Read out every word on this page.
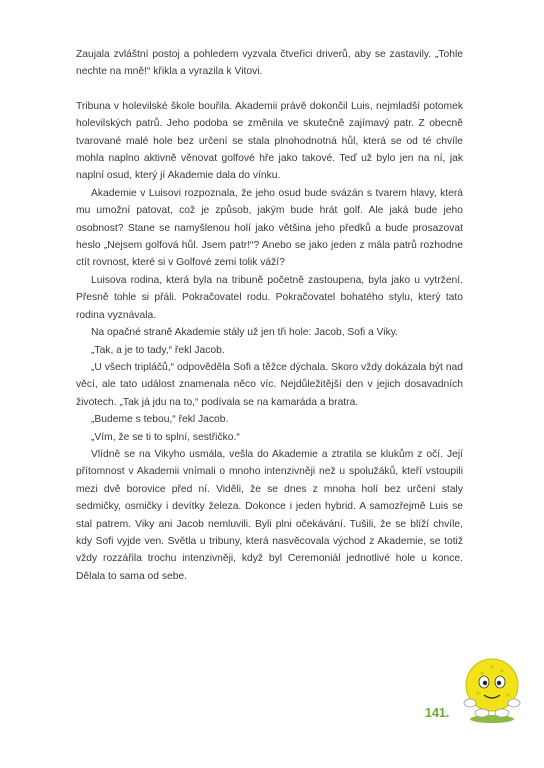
Zaujala zvláštní postoj a pohledem vyzvala čtveřici driverů, aby se zastavily. „Tohle nechte na mně!“ křikla a vyrazila k Vitovi.

Tribuna v holevilské škole bouřila. Akademii právě dokončil Luis, nejmladší potomek holevilských patrů. Jeho podoba se změnila ve skutečně zajímavý patr. Z obecně tvarované malé hole bez určení se stala plnohodnotná hůl, která se od té chvíle mohla naplno aktivně věnovat golfové hře jako takové. Teď už bylo jen na ní, jak naplní osud, který jí Akademie dala do vínku.

Akademie v Luisovi rozpoznala, že jeho osud bude svázán s tvarem hlavy, která mu umožní patovat, což je způsob, jakým bude hrát golf. Ale jaká bude jeho osobnost? Stane se namyšlenou holí jako většina jeho předků a bude prosazovat heslo „Nejsem golfová hůl. Jsem patr!“? Anebo se jako jeden z mála patrů rozhodne ctít rovnost, které si v Golfové zemi tolik váží?

Luisova rodina, která byla na tribuně početně zastoupena, byla jako u vytržení. Přesně tohle si přáli. Pokračovatel rodu. Pokračovatel bohatého stylu, který tato rodina vyznávala.

Na opačné straně Akademie stály už jen tři hole: Jacob, Sofi a Viky.

„Tak, a je to tady,“ řekl Jacob.

„U všech tripláčů,“ odpověděla Sofi a těžce dýchala. Skoro vždy dokázala být nad věcí, ale tato událost znamenala něco víc. Nejdůležitější den v jejich dosavadních životech. „Tak já jdu na to,“ podívala se na kamaráda a bratra.

„Budeme s tebou,“ řekl Jacob.

„Vím, že se ti to splní, sestřičko.“

Vlídně se na Vikyho usmála, vešla do Akademie a ztratila se klukům z očí. Její přítomnost v Akademii vnímali o mnoho intenzivněji než u spolužáků, kteří vstoupili mezi dvě borovice před ní. Viděli, že se dnes z mnoha holí bez určení staly sedmičky, osmičky i devítky železa. Dokonce i jeden hybrid. A samozřejmě Luis se stal patrem. Viky ani Jacob nemluvili. Byli plni očekávání. Tušili, že se blíží chvíle, kdy Sofi vyjde ven. Světla u tribuny, která nasvěcovala východ z Akademie, se totiž vždy rozzářila trochu intenzivněji, když byl Ceremoniál jednotlivé hole u konce. Dělala to sama od sebe.

141.
